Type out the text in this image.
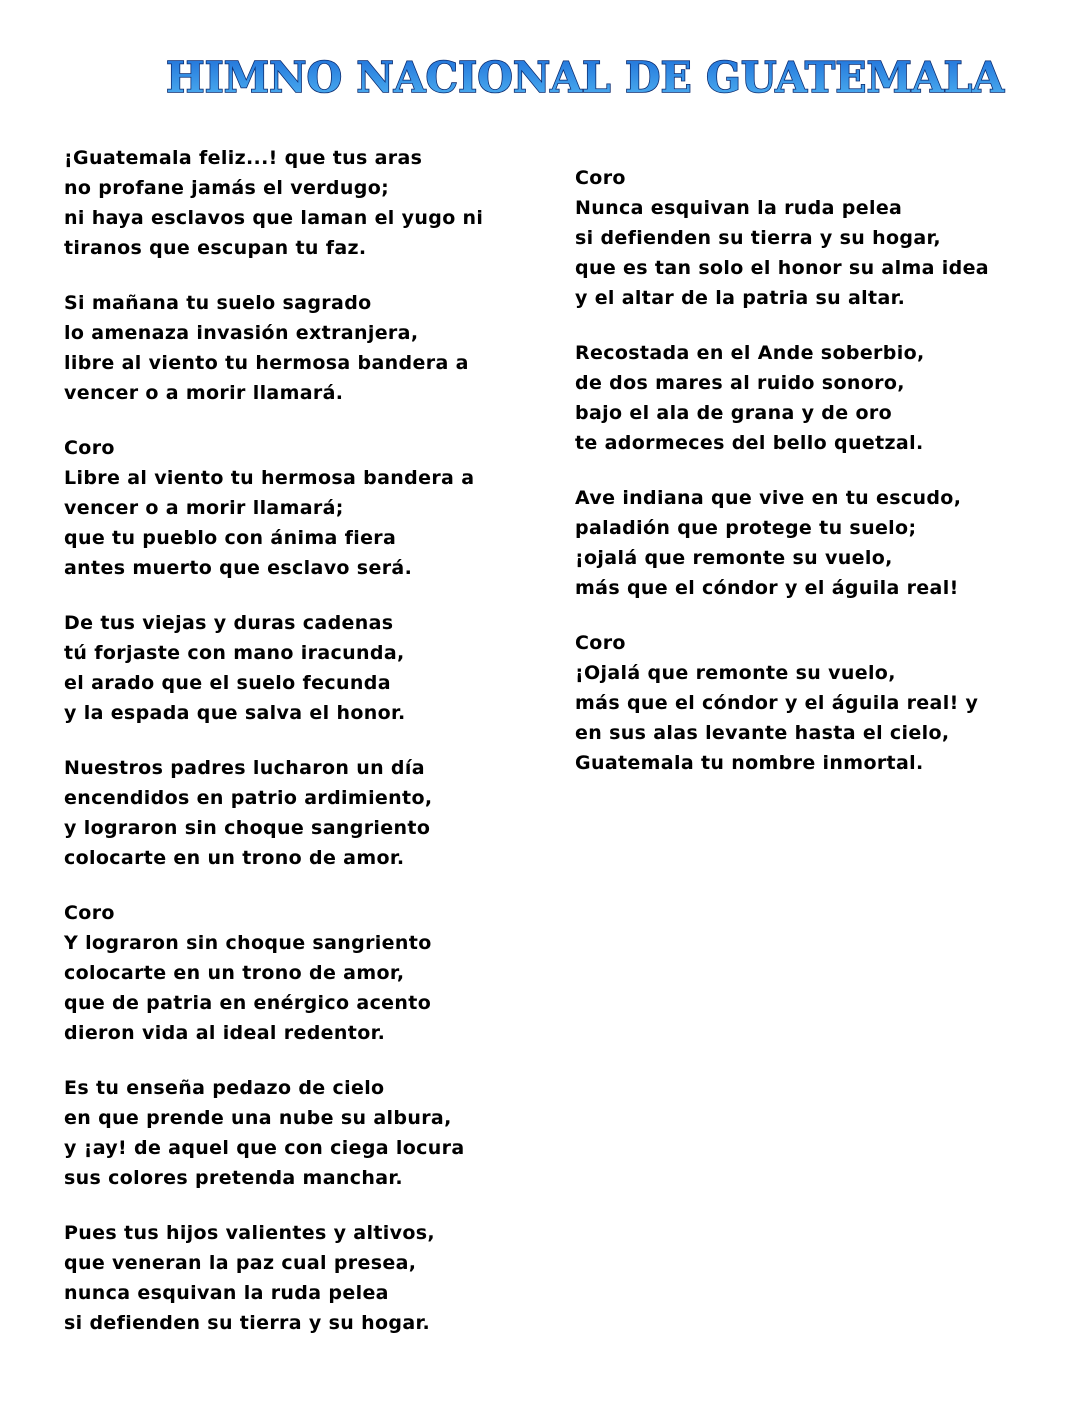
HIMNO NACIONAL DE GUATEMALA
¡Guatemala feliz...! que tus aras
no profane jamás el verdugo;
ni haya esclavos que laman el yugo ni
tiranos que escupan tu faz.
Si mañana tu suelo sagrado
lo amenaza invasión extranjera,
libre al viento tu hermosa bandera a
vencer o a morir llamará.
Coro
Libre al viento tu hermosa bandera a
vencer o a morir llamará;
que tu pueblo con ánima fiera
antes muerto que esclavo será.
De tus viejas y duras cadenas
tú forjaste con mano iracunda,
el arado que el suelo fecunda
y la espada que salva el honor.
Nuestros padres lucharon un día
encendidos en patrio ardimiento,
y lograron sin choque sangriento
colocarte en un trono de amor.
Coro
Y lograron sin choque sangriento
colocarte en un trono de amor,
que de patria en enérgico acento
dieron vida al ideal redentor.
Es tu enseña pedazo de cielo
en que prende una nube su albura,
y ¡ay! de aquel que con ciega locura
sus colores pretenda manchar.
Pues tus hijos valientes y altivos,
que veneran la paz cual presea,
nunca esquivan la ruda pelea
si defienden su tierra y su hogar.
Coro
Nunca esquivan la ruda pelea
si defienden su tierra y su hogar,
que es tan solo el honor su alma idea
y el altar de la patria su altar.
Recostada en el Ande soberbio,
de dos mares al ruido sonoro,
bajo el ala de grana y de oro
te adormeces del bello quetzal.
Ave indiana que vive en tu escudo,
paladión que protege tu suelo;
¡ojalá que remonte su vuelo,
más que el cóndor y el águila real!
Coro
¡Ojalá que remonte su vuelo,
más que el cóndor y el águila real! y
en sus alas levante hasta el cielo,
Guatemala tu nombre inmortal.
